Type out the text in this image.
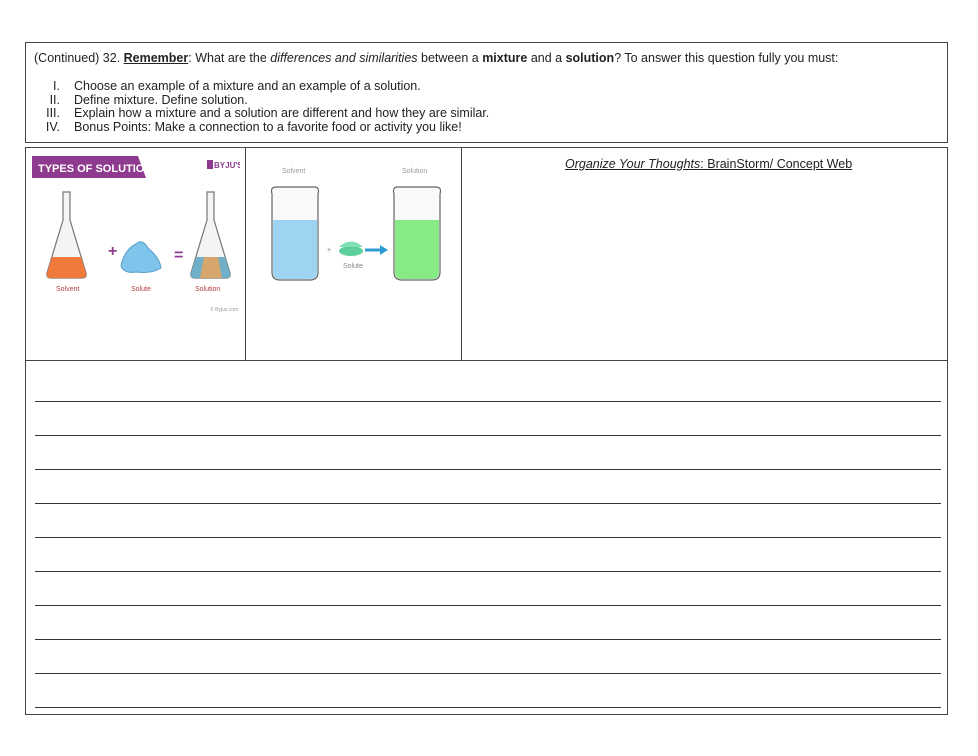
(Continued) 32. Remember: What are the differences and similarities between a mixture and a solution? To answer this question fully you must:
I. Choose an example of a mixture and an example of a solution.
II. Define mixture. Define solution.
III. Explain how a mixture and a solution are different and how they are similar.
IV. Bonus Points: Make a connection to a favorite food or activity you like!
TYPES OF SOLUTIONS	BYJU'S
+	=
Solvent	Solute	Solution
© Byjus.com
Solvent	Solution
+
Solute
Organize Your Thoughts: BrainStorm/ Concept Web
